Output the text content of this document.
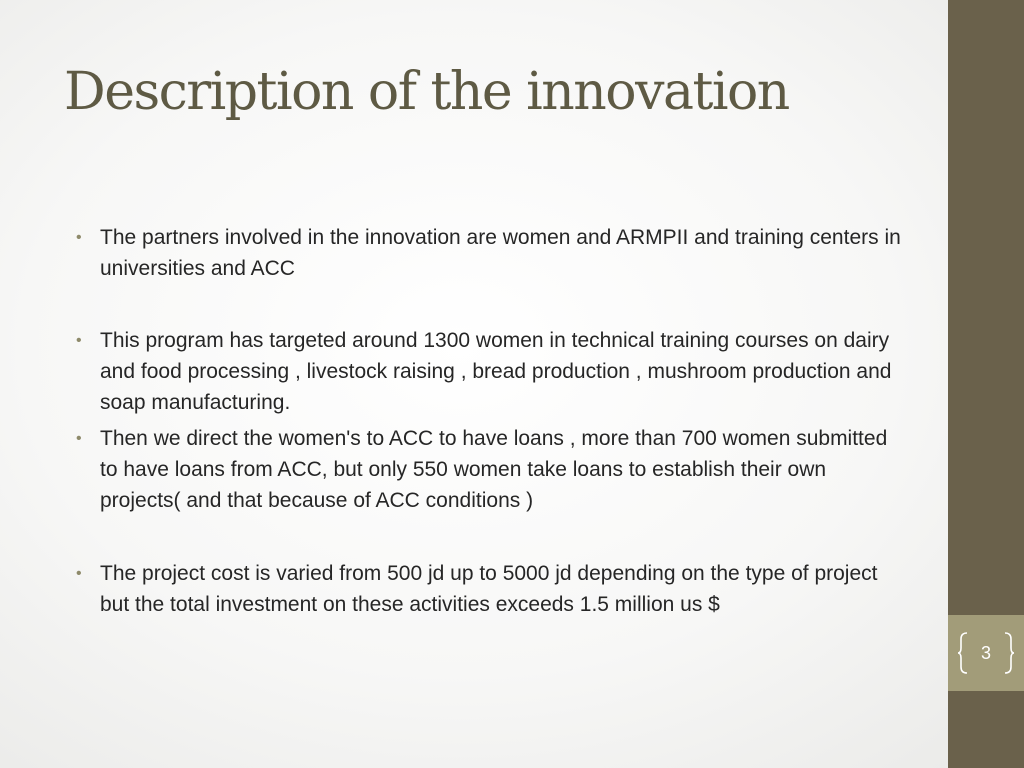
Description of the innovation
• The partners involved in the innovation are women and ARMPII and training centers in universities and ACC
• This program has targeted around 1300 women in technical training courses on dairy and food processing , livestock raising , bread production , mushroom production and soap manufacturing.
• Then we direct the women's to ACC to have loans , more than 700 women submitted to have loans from ACC, but only 550 women take loans to establish their own projects( and that because of ACC conditions )
• The project cost is varied from 500 jd up to 5000 jd depending on the type of project but the total investment on these activities exceeds 1.5 million us $
3
